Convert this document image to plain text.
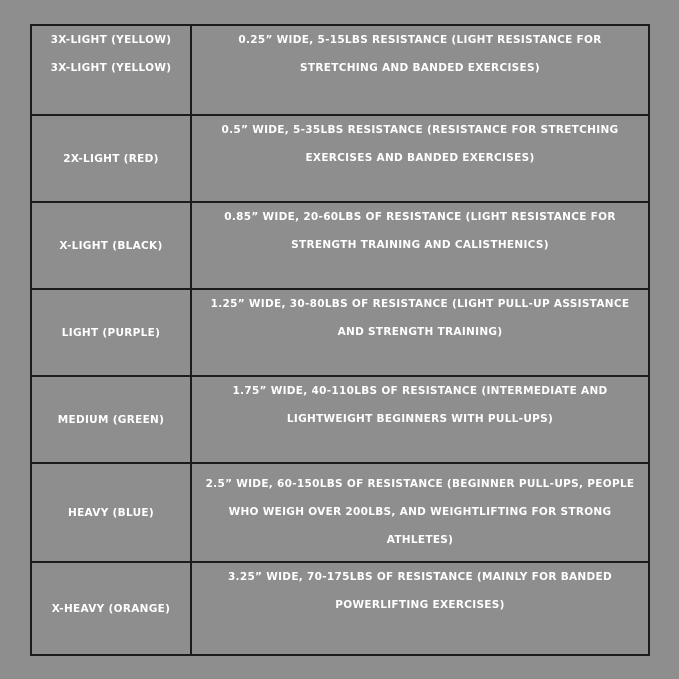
3X-LIGHT (YELLOW)
3X-LIGHT (YELLOW)	0.25” WIDE, 5-15LBS RESISTANCE (LIGHT RESISTANCE FOR STRETCHING AND BANDED EXERCISES)

2X-LIGHT (RED)	0.5” WIDE, 5-35LBS RESISTANCE (RESISTANCE FOR STRETCHING EXERCISES AND BANDED EXERCISES)

X-LIGHT (BLACK)	0.85” WIDE, 20-60LBS OF RESISTANCE (LIGHT RESISTANCE FOR STRENGTH TRAINING AND CALISTHENICS)

LIGHT (PURPLE)	1.25” WIDE, 30-80LBS OF RESISTANCE (LIGHT PULL-UP ASSISTANCE AND STRENGTH TRAINING)

MEDIUM (GREEN)	1.75” WIDE, 40-110LBS OF RESISTANCE (INTERMEDIATE AND LIGHTWEIGHT BEGINNERS WITH PULL-UPS)

HEAVY (BLUE)	2.5” WIDE, 60-150LBS OF RESISTANCE (BEGINNER PULL-UPS, PEOPLE WHO WEIGH OVER 200LBS, AND WEIGHTLIFTING FOR STRONG ATHLETES)

X-HEAVY (ORANGE)	3.25” WIDE, 70-175LBS OF RESISTANCE (MAINLY FOR BANDED POWERLIFTING EXERCISES)
